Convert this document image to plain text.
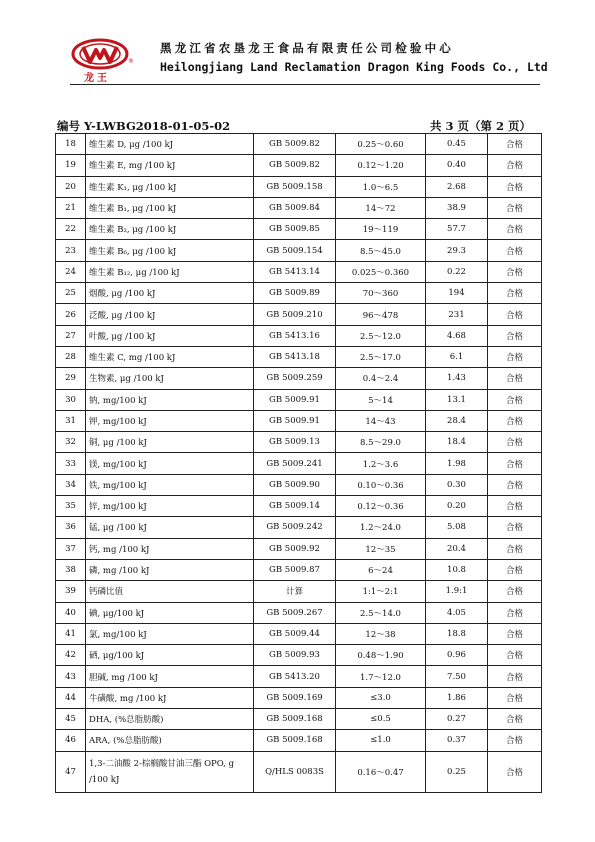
龙王
®
黑龙江省农垦龙王食品有限责任公司检验中心
Heilongjiang Land Reclamation Dragon King Foods Co., Ltd
编号 Y-LWBG2018-01-05-02	共 3 页（第 2 页）
18	维生素 D, μg /100 kJ	GB 5009.82	0.25～0.60	0.45	合格
19	维生素 E, mg /100 kJ	GB 5009.82	0.12～1.20	0.40	合格
20	维生素 K₁, μg /100 kJ	GB 5009.158	1.0～6.5	2.68	合格
21	维生素 B₁, μg /100 kJ	GB 5009.84	14～72	38.9	合格
22	维生素 B₂, μg /100 kJ	GB 5009.85	19～119	57.7	合格
23	维生素 B₆, μg /100 kJ	GB 5009.154	8.5～45.0	29.3	合格
24	维生素 B₁₂, μg /100 kJ	GB 5413.14	0.025～0.360	0.22	合格
25	烟酸, μg /100 kJ	GB 5009.89	70～360	194	合格
26	泛酸, μg /100 kJ	GB 5009.210	96～478	231	合格
27	叶酸, μg /100 kJ	GB 5413.16	2.5～12.0	4.68	合格
28	维生素 C, mg /100 kJ	GB 5413.18	2.5～17.0	6.1	合格
29	生物素, μg /100 kJ	GB 5009.259	0.4～2.4	1.43	合格
30	钠, mg/100 kJ	GB 5009.91	5～14	13.1	合格
31	钾, mg/100 kJ	GB 5009.91	14～43	28.4	合格
32	铜, μg /100 kJ	GB 5009.13	8.5～29.0	18.4	合格
33	镁, mg/100 kJ	GB 5009.241	1.2～3.6	1.98	合格
34	铁, mg/100 kJ	GB 5009.90	0.10～0.36	0.30	合格
35	锌, mg/100 kJ	GB 5009.14	0.12～0.36	0.20	合格
36	锰, μg /100 kJ	GB 5009.242	1.2～24.0	5.08	合格
37	钙, mg /100 kJ	GB 5009.92	12～35	20.4	合格
38	磷, mg /100 kJ	GB 5009.87	6～24	10.8	合格
39	钙磷比值	计算	1:1～2:1	1.9:1	合格
40	碘, μg/100 kJ	GB 5009.267	2.5～14.0	4.05	合格
41	氯, mg/100 kJ	GB 5009.44	12～38	18.8	合格
42	硒, μg/100 kJ	GB 5009.93	0.48～1.90	0.96	合格
43	胆碱, mg /100 kJ	GB 5413.20	1.7～12.0	7.50	合格
44	牛磺酸, mg /100 kJ	GB 5009.169	≤3.0	1.86	合格
45	DHA, (%总脂肪酸)	GB 5009.168	≤0.5	0.27	合格
46	ARA, (%总脂肪酸)	GB 5009.168	≤1.0	0.37	合格
47	1,3-二油酸 2-棕榈酸甘油三酯 OPO, g /100 kJ	Q/HLS 0083S	0.16～0.47	0.25	合格
